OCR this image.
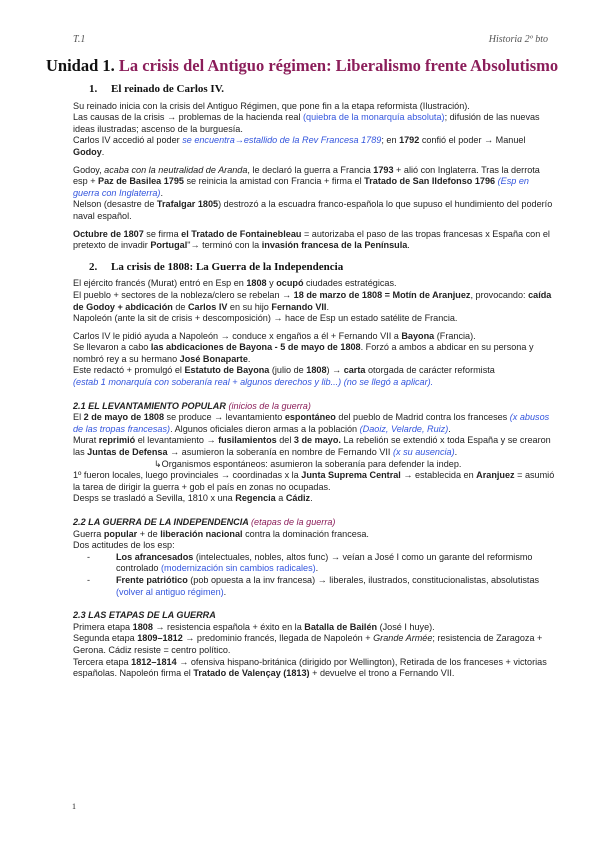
T.1	Historia 2º bto
Unidad 1. La crisis del Antiguo régimen: Liberalismo frente Absolutismo
1. El reinado de Carlos IV.

Su reinado inicia con la crisis del Antiguo Régimen, que pone fin a la etapa reformista (Ilustración).
Las causas de la crisis → problemas de la hacienda real (quiebra de la monarquía absoluta); difusión de las nuevas ideas ilustradas; ascenso de la burguesía.
Carlos IV accedió al poder se encuentra→estallido de la Rev Francesa 1789; en 1792 confió el poder → Manuel Godoy.

Godoy, acaba con la neutralidad de Aranda, le declaró la guerra a Francia 1793 + alió con Inglaterra. Tras la derrota esp + Paz de Basilea 1795 se reinicia la amistad con Francia + firma el Tratado de San Ildefonso 1796 (Esp en guerra con Inglaterra).

Nelson (desastre de Trafalgar 1805) destrozó a la escuadra franco-española lo que supuso el hundimiento del poderío naval español.

Octubre de 1807 se firma el Tratado de Fontainebleau = autorizaba el paso de las tropas francesas x España con el pretexto de invadir Portugal"→ terminó con la invasión francesa de la Península.

2. La crisis de 1808: La Guerra de la Independencia

El ejército francés (Murat) entró en Esp en 1808 y ocupó ciudades estratégicas.
El pueblo + sectores de la nobleza/clero se rebelan → 18 de marzo de 1808 = Motín de Aranjuez, provocando: caída de Godoy + abdicación de Carlos IV en su hijo Fernando VII.
Napoleón (ante la sit de crisis + descomposición) → hace de Esp un estado satélite de Francia.

Carlos IV le pidió ayuda a Napoleón → conduce x engaños a él + Fernando VII a Bayona (Francia).
Se llevaron a cabo las abdicaciones de Bayona - 5 de mayo de 1808. Forzó a ambos a abdicar en su persona y nombró rey a su hermano José Bonaparte.
Este redactó + promulgó el Estatuto de Bayona (julio de 1808) → carta otorgada de carácter reformista
(estab 1 monarquía con soberanía real + algunos derechos y lib...) (no se llegó a aplicar).

2.1 EL LEVANTAMIENTO POPULAR (inicios de la guerra)

El 2 de mayo de 1808 se produce → levantamiento espontáneo del pueblo de Madrid contra los franceses (x abusos de las tropas francesas). Algunos oficiales dieron armas a la población (Daoiz, Velarde, Ruiz).
Murat reprimió el levantamiento → fusilamientos del 3 de mayo. La rebelión se extendió x toda España y se crearon las Juntas de Defensa → asumieron la soberanía en nombre de Fernando VII (x su ausencia).

↳Organismos espontáneos: asumieron la soberanía para defender la indep.

1º fueron locales, luego provinciales → coordinadas x la Junta Suprema Central → establecida en Aranjuez = asumió la tarea de dirigir la guerra + gob el país en zonas no ocupadas.
Desps se trasladó a Sevilla, 1810 x una Regencia a Cádiz.

2.2 LA GUERRA DE LA INDEPENDENCIA (etapas de la guerra)

Guerra popular + de liberación nacional contra la dominación francesa.
Dos actitudes de los esp:

-	Los afrancesados (intelectuales, nobles, altos func) → veían a José I como un garante del reformismo controlado (modernización sin cambios radicales).
-	Frente patriótico (pob opuesta a la inv francesa) → liberales, ilustrados, constitucionalistas, absolutistas (volver al antiguo régimen).

2.3 LAS ETAPAS DE LA GUERRA

Primera etapa 1808 → resistencia española + éxito en la Batalla de Bailén (José I huye).
Segunda etapa 1809–1812 → predominio francés, llegada de Napoleón + Grande Armée; resistencia de Zaragoza + Gerona. Cádiz resiste = centro político.
Tercera etapa 1812–1814 → ofensiva hispano-británica (dirigido por Wellington), Retirada de los franceses + victorias españolas. Napoleón firma el Tratado de Valençay (1813) + devuelve el trono a Fernando VII.

1
